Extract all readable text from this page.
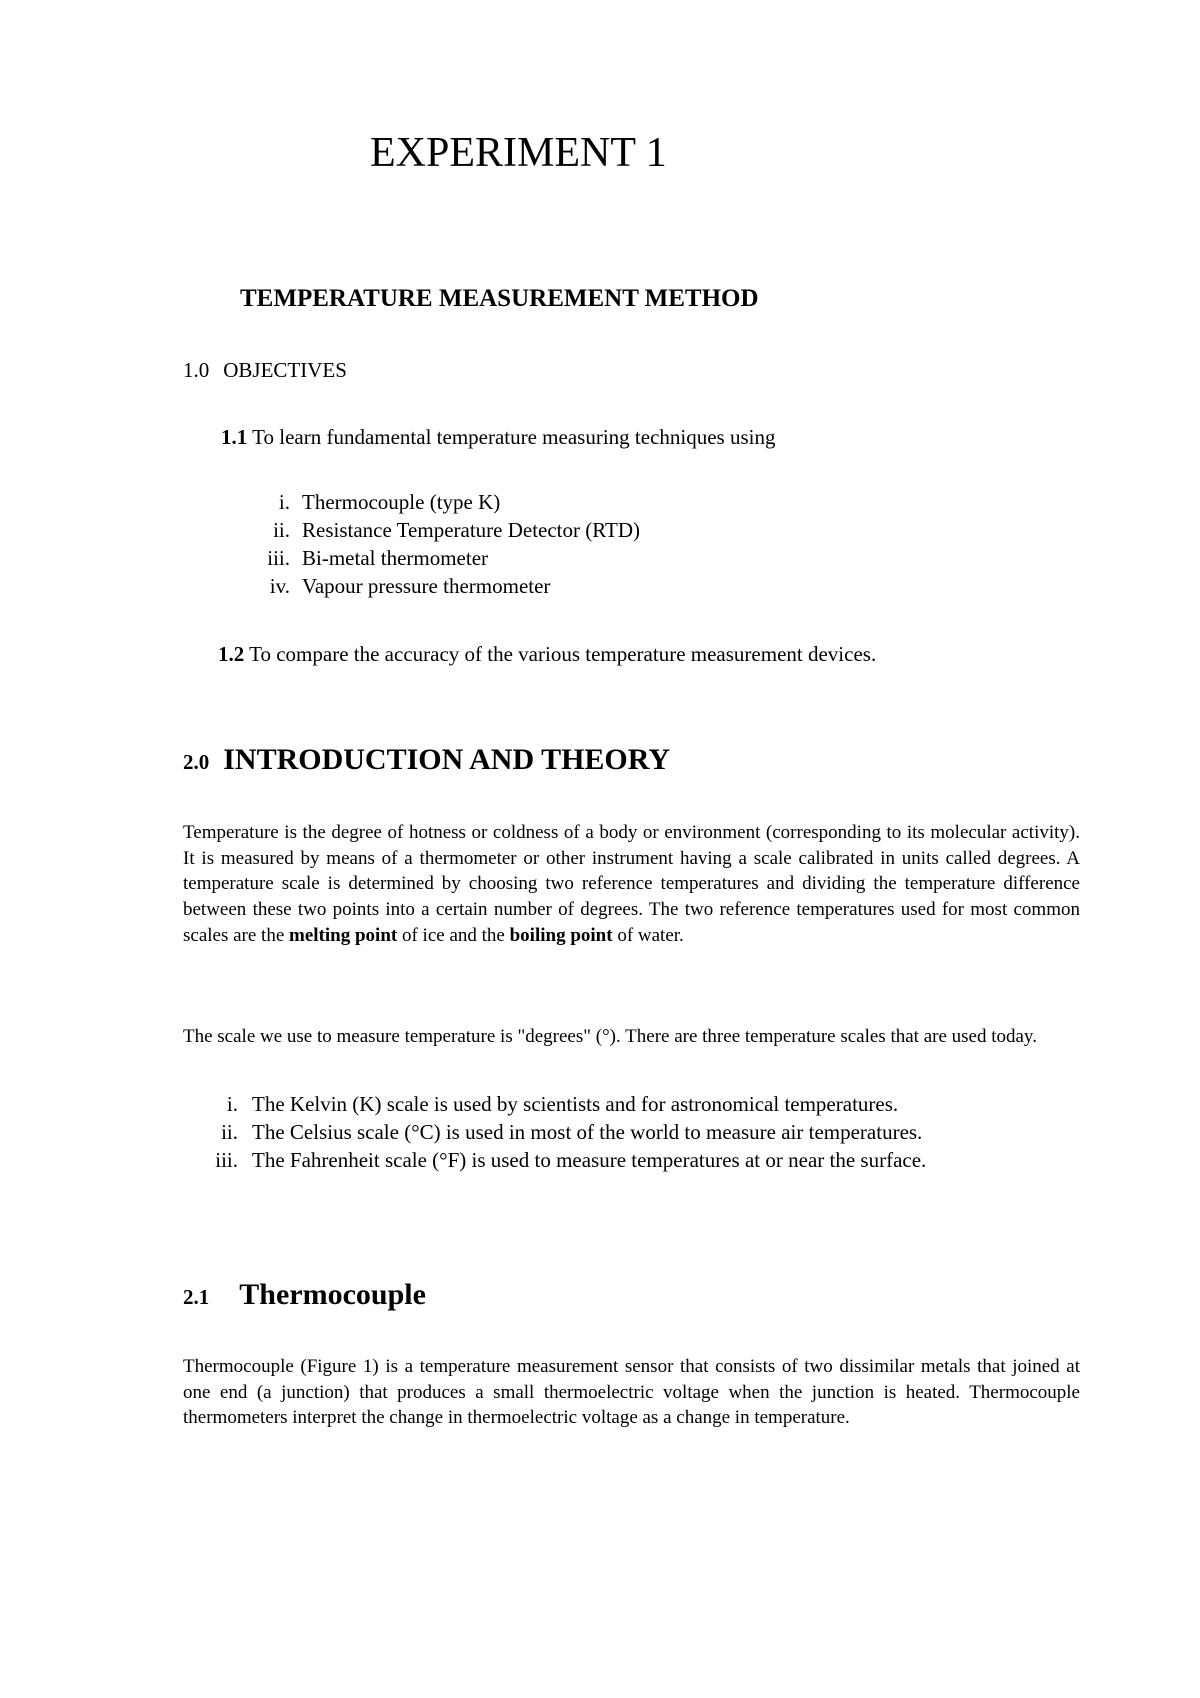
EXPERIMENT 1
TEMPERATURE MEASUREMENT METHOD
1.0 OBJECTIVES

1.1 To learn fundamental temperature measuring techniques using

i. Thermocouple (type K)
ii. Resistance Temperature Detector (RTD)
iii. Bi-metal thermometer
iv. Vapour pressure thermometer

1.2 To compare the accuracy of the various temperature measurement devices.

2.0 INTRODUCTION AND THEORY

Temperature is the degree of hotness or coldness of a body or environment (corresponding to its molecular activity). It is measured by means of a thermometer or other instrument having a scale calibrated in units called degrees. A temperature scale is determined by choosing two reference temperatures and dividing the temperature difference between these two points into a certain number of degrees. The two reference temperatures used for most common scales are the melting point of ice and the boiling point of water.

The scale we use to measure temperature is "degrees" (°). There are three temperature scales that are used today.

i. The Kelvin (K) scale is used by scientists and for astronomical temperatures.
ii. The Celsius scale (°C) is used in most of the world to measure air temperatures.
iii. The Fahrenheit scale (°F) is used to measure temperatures at or near the surface.
2.1 Thermocouple

Thermocouple (Figure 1) is a temperature measurement sensor that consists of two dissimilar metals that joined at one end (a junction) that produces a small thermoelectric voltage when the junction is heated. Thermocouple thermometers interpret the change in thermoelectric voltage as a change in temperature.
